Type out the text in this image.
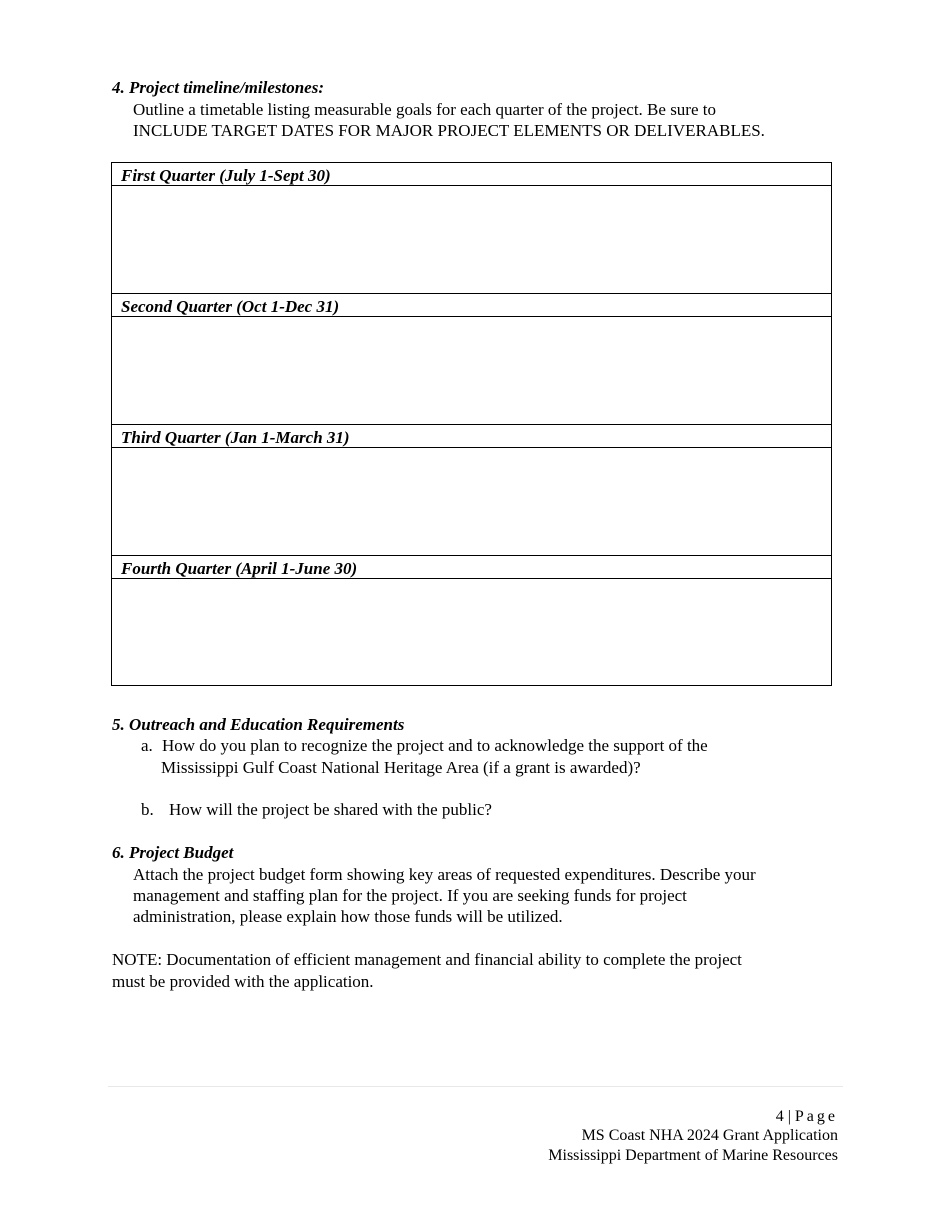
4. Project timeline/milestones:
Outline a timetable listing measurable goals for each quarter of the project. Be sure to
INCLUDE TARGET DATES FOR MAJOR PROJECT ELEMENTS OR DELIVERABLES.
First Quarter (July 1-Sept 30)
Second Quarter (Oct 1-Dec 31)
Third Quarter (Jan 1-March 31)
Fourth Quarter (April 1-June 30)
5. Outreach and Education Requirements
a. How do you plan to recognize the project and to acknowledge the support of the
Mississippi Gulf Coast National Heritage Area (if a grant is awarded)?
b. How will the project be shared with the public?
6. Project Budget
Attach the project budget form showing key areas of requested expenditures. Describe your
management and staffing plan for the project. If you are seeking funds for project
administration, please explain how those funds will be utilized.
NOTE: Documentation of efficient management and financial ability to complete the project
must be provided with the application.
4 | Page
MS Coast NHA 2024 Grant Application
Mississippi Department of Marine Resources
